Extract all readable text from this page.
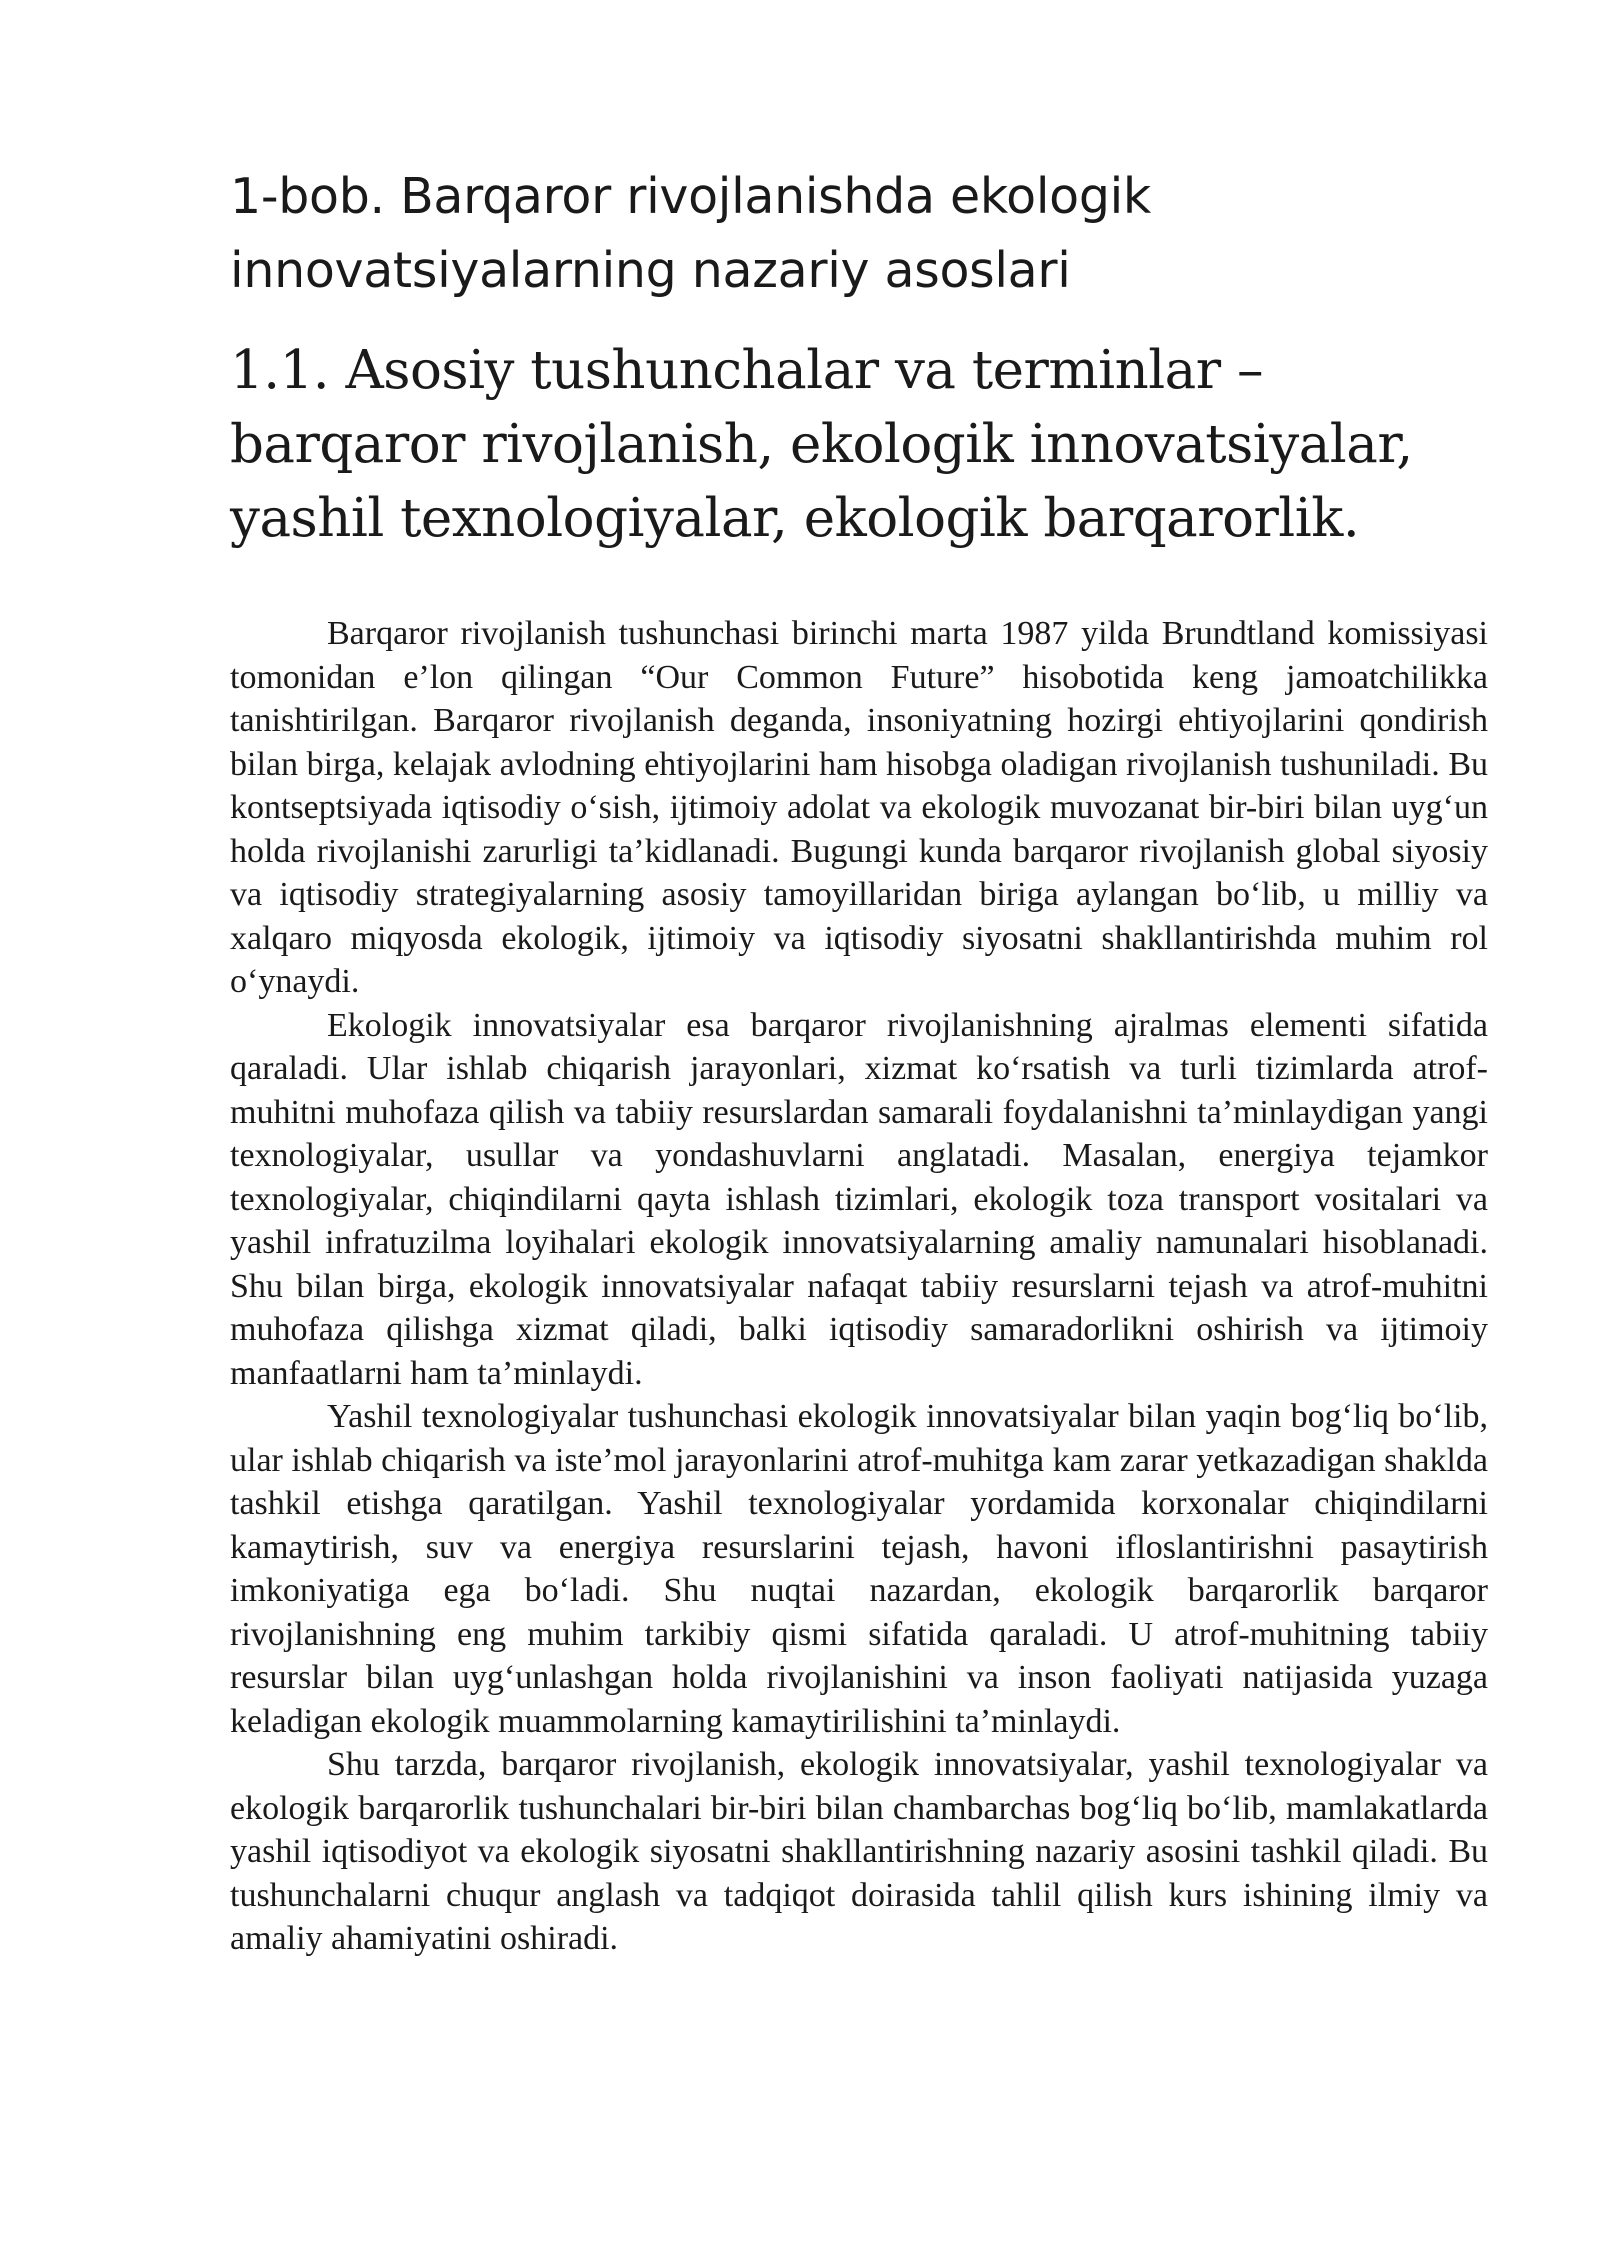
1-bob. Barqaror rivojlanishda ekologik innovatsiyalarning nazariy asoslari
1.1. Asosiy tushunchalar va terminlar – barqaror rivojlanish, ekologik innovatsiyalar, yashil texnologiyalar, ekologik barqarorlik.

Barqaror rivojlanish tushunchasi birinchi marta 1987 yilda Brundtland komissiyasi tomonidan e’lon qilingan “Our Common Future” hisobotida keng jamoatchilikka tanishtirilgan. Barqaror rivojlanish deganda, insoniyatning hozirgi ehtiyojlarini qondirish bilan birga, kelajak avlodning ehtiyojlarini ham hisobga oladigan rivojlanish tushuniladi. Bu kontseptsiyada iqtisodiy o‘sish, ijtimoiy adolat va ekologik muvozanat bir-biri bilan uyg‘un holda rivojlanishi zarurligi ta’kidlanadi. Bugungi kunda barqaror rivojlanish global siyosiy va iqtisodiy strategiyalarning asosiy tamoyillaridan biriga aylangan bo‘lib, u milliy va xalqaro miqyosda ekologik, ijtimoiy va iqtisodiy siyosatni shakllantirishda muhim rol o‘ynaydi.

Ekologik innovatsiyalar esa barqaror rivojlanishning ajralmas elementi sifatida qaraladi. Ular ishlab chiqarish jarayonlari, xizmat ko‘rsatish va turli tizimlarda atrof-muhitni muhofaza qilish va tabiiy resurslardan samarali foydalanishni ta’minlaydigan yangi texnologiyalar, usullar va yondashuvlarni anglatadi. Masalan, energiya tejamkor texnologiyalar, chiqindilarni qayta ishlash tizimlari, ekologik toza transport vositalari va yashil infratuzilma loyihalari ekologik innovatsiyalarning amaliy namunalari hisoblanadi. Shu bilan birga, ekologik innovatsiyalar nafaqat tabiiy resurslarni tejash va atrof-muhitni muhofaza qilishga xizmat qiladi, balki iqtisodiy samaradorlikni oshirish va ijtimoiy manfaatlarni ham ta’minlaydi.

Yashil texnologiyalar tushunchasi ekologik innovatsiyalar bilan yaqin bog‘liq bo‘lib, ular ishlab chiqarish va iste’mol jarayonlarini atrof-muhitga kam zarar yetkazadigan shaklda tashkil etishga qaratilgan. Yashil texnologiyalar yordamida korxonalar chiqindilarni kamaytirish, suv va energiya resurslarini tejash, havoni ifloslantirishni pasaytirish imkoniyatiga ega bo‘ladi. Shu nuqtai nazardan, ekologik barqarorlik barqaror rivojlanishning eng muhim tarkibiy qismi sifatida qaraladi. U atrof-muhitning tabiiy resurslar bilan uyg‘unlashgan holda rivojlanishini va inson faoliyati natijasida yuzaga keladigan ekologik muammolarning kamaytirilishini ta’minlaydi.

Shu tarzda, barqaror rivojlanish, ekologik innovatsiyalar, yashil texnologiyalar va ekologik barqarorlik tushunchalari bir-biri bilan chambarchas bog‘liq bo‘lib, mamlakatlarda yashil iqtisodiyot va ekologik siyosatni shakllantirishning nazariy asosini tashkil qiladi. Bu tushunchalarni chuqur anglash va tadqiqot doirasida tahlil qilish kurs ishining ilmiy va amaliy ahamiyatini oshiradi.
